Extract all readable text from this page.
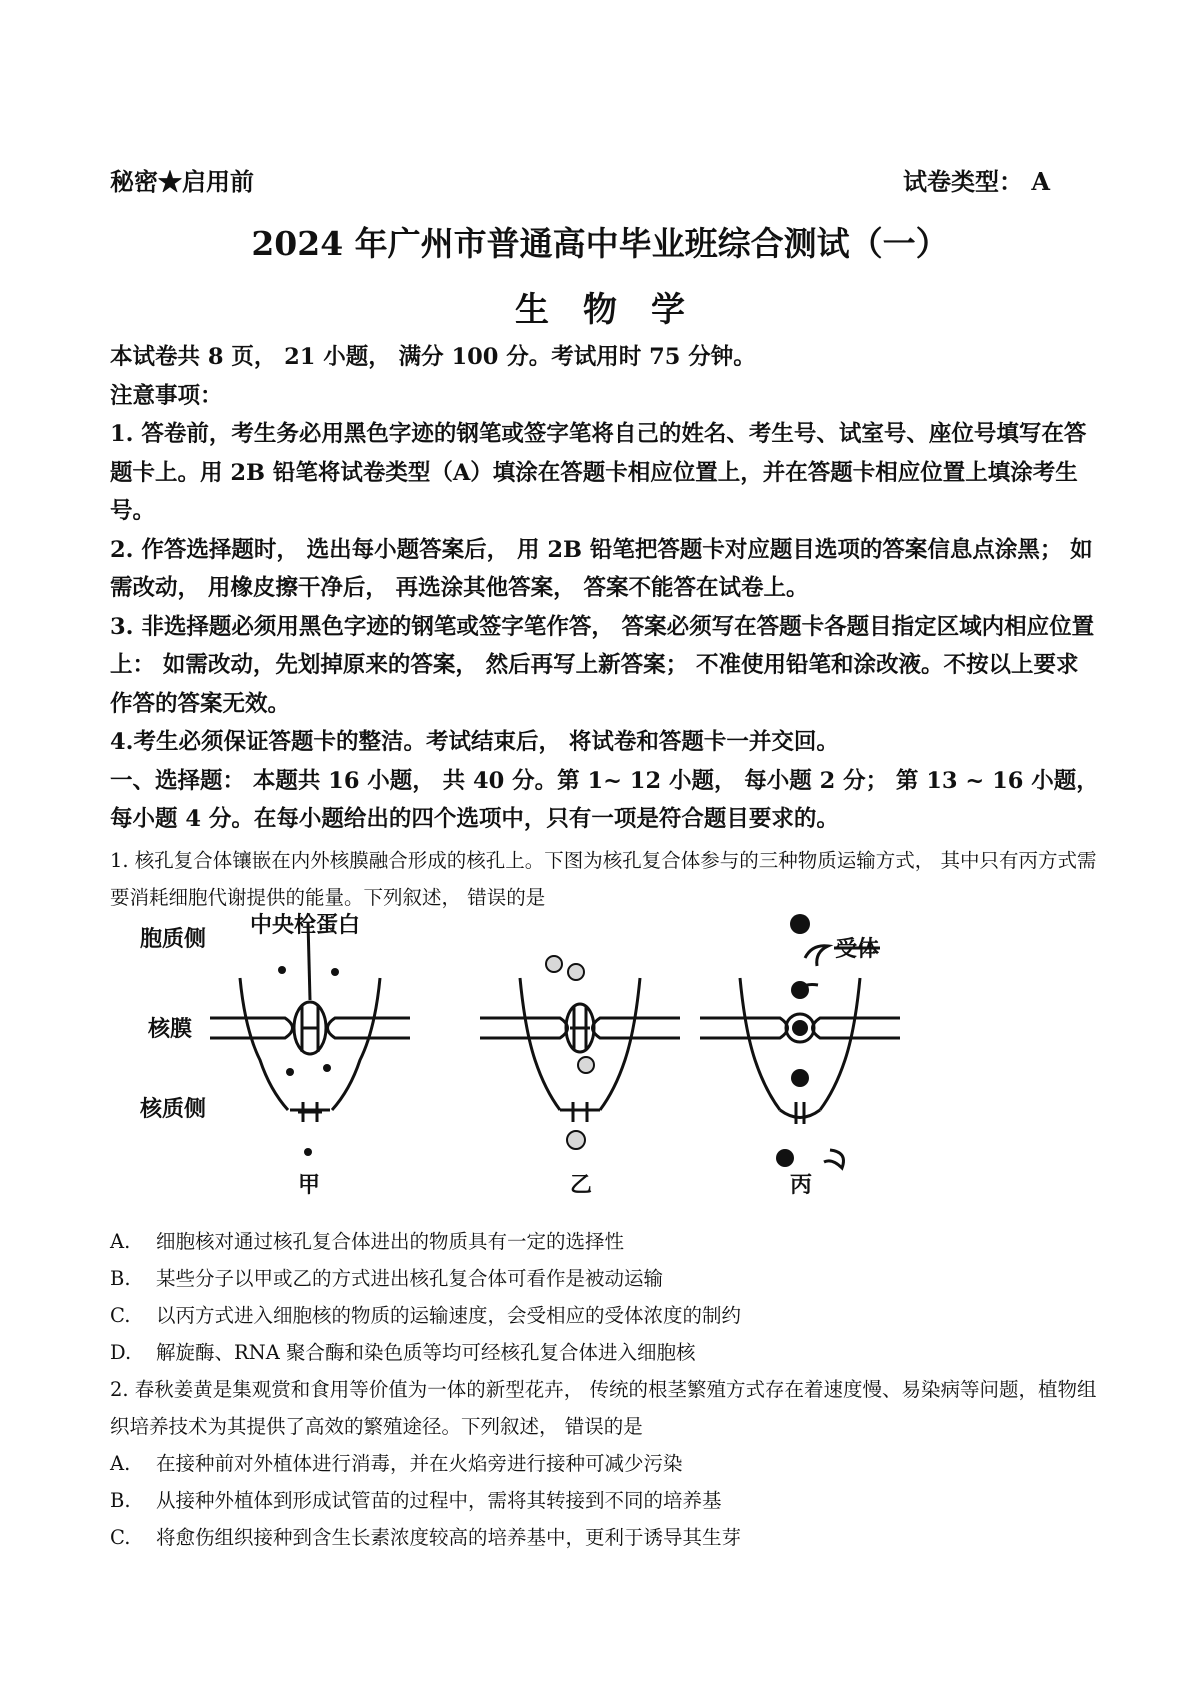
秘密★启用前	试卷类型： A
2024 年广州市普通高中毕业班综合测试（一）
生物学

本试卷共 8 页， 21 小题， 满分 100 分。考试用时 75 分钟。

注意事项：

1. 答卷前，考生务必用黑色字迹的钢笔或签字笔将自己的姓名、考生号、试室号、座位号填写在答题卡上。用 2B 铅笔将试卷类型（A）填涂在答题卡相应位置上，并在答题卡相应位置上填涂考生号。

2. 作答选择题时， 选出每小题答案后， 用 2B 铅笔把答题卡对应题目选项的答案信息点涂黑； 如需改动， 用橡皮擦干净后， 再选涂其他答案， 答案不能答在试卷上。

3. 非选择题必须用黑色字迹的钢笔或签字笔作答， 答案必须写在答题卡各题目指定区域内相应位置上： 如需改动，先划掉原来的答案， 然后再写上新答案； 不准使用铅笔和涂改液。不按以上要求作答的答案无效。

4.考生必须保证答题卡的整洁。考试结束后， 将试卷和答题卡一并交回。

一、选择题： 本题共 16 小题， 共 40 分。第 1~ 12 小题， 每小题 2 分； 第 13 ~ 16 小题， 每小题 4 分。在每小题给出的四个选项中，只有一项是符合题目要求的。

1. 核孔复合体镶嵌在内外核膜融合形成的核孔上。下图为核孔复合体参与的三种物质运输方式， 其中只有丙方式需要消耗细胞代谢提供的能量。下列叙述， 错误的是

胞质侧
核膜
核质侧
中央栓蛋白
受体
甲	乙	丙
A.	细胞核对通过核孔复合体进出的物质具有一定的选择性
B.	某些分子以甲或乙的方式进出核孔复合体可看作是被动运输
C.	以丙方式进入细胞核的物质的运输速度，会受相应的受体浓度的制约
D.	解旋酶、RNA 聚合酶和染色质等均可经核孔复合体进入细胞核

2. 春秋姜黄是集观赏和食用等价值为一体的新型花卉， 传统的根茎繁殖方式存在着速度慢、易染病等问题，植物组织培养技术为其提供了高效的繁殖途径。下列叙述， 错误的是

A.	在接种前对外植体进行消毒，并在火焰旁进行接种可减少污染
B.	从接种外植体到形成试管苗的过程中，需将其转接到不同的培养基
C.	将愈伤组织接种到含生长素浓度较高的培养基中，更利于诱导其生芽
